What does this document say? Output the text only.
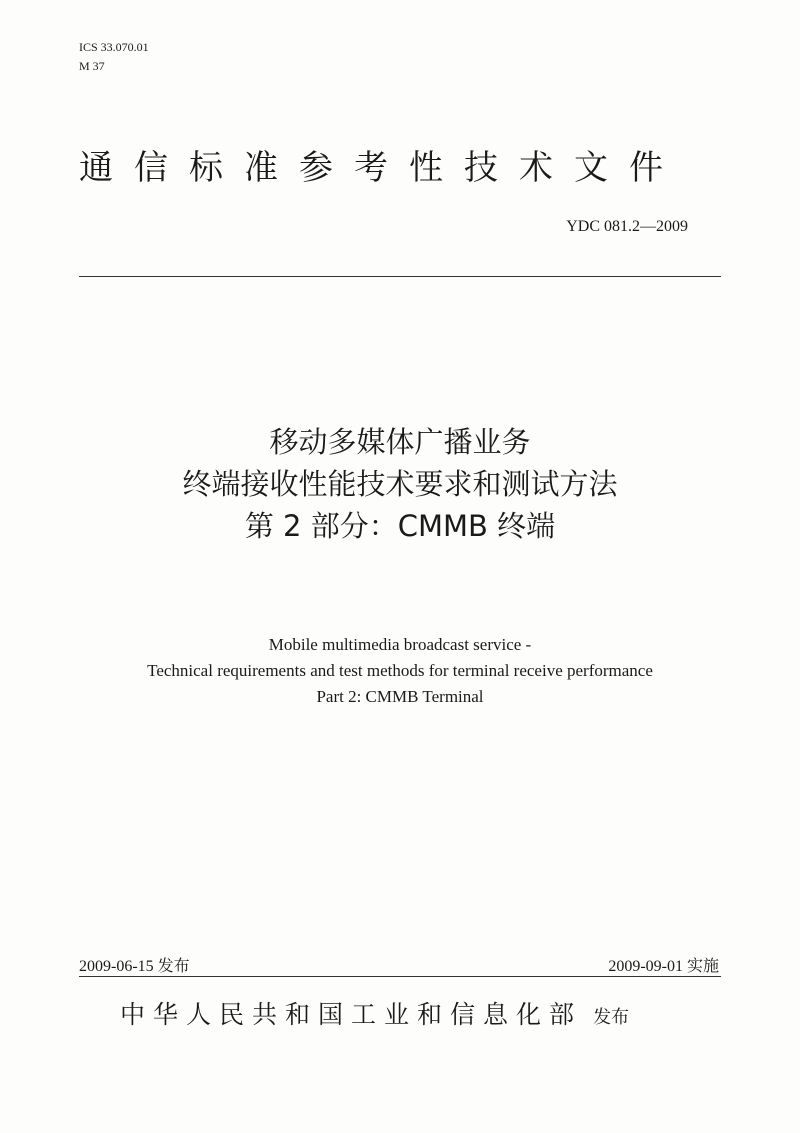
ICS 33.070.01
M 37
通信标准参考性技术文件
YDC 081.2—2009
移动多媒体广播业务
终端接收性能技术要求和测试方法
第 2 部分：CMMB 终端
Mobile multimedia broadcast service -
Technical requirements and test methods for terminal receive performance
Part 2: CMMB Terminal
2009-06-15 发布	2009-09-01 实施
中华人民共和国工业和信息化部 发布
